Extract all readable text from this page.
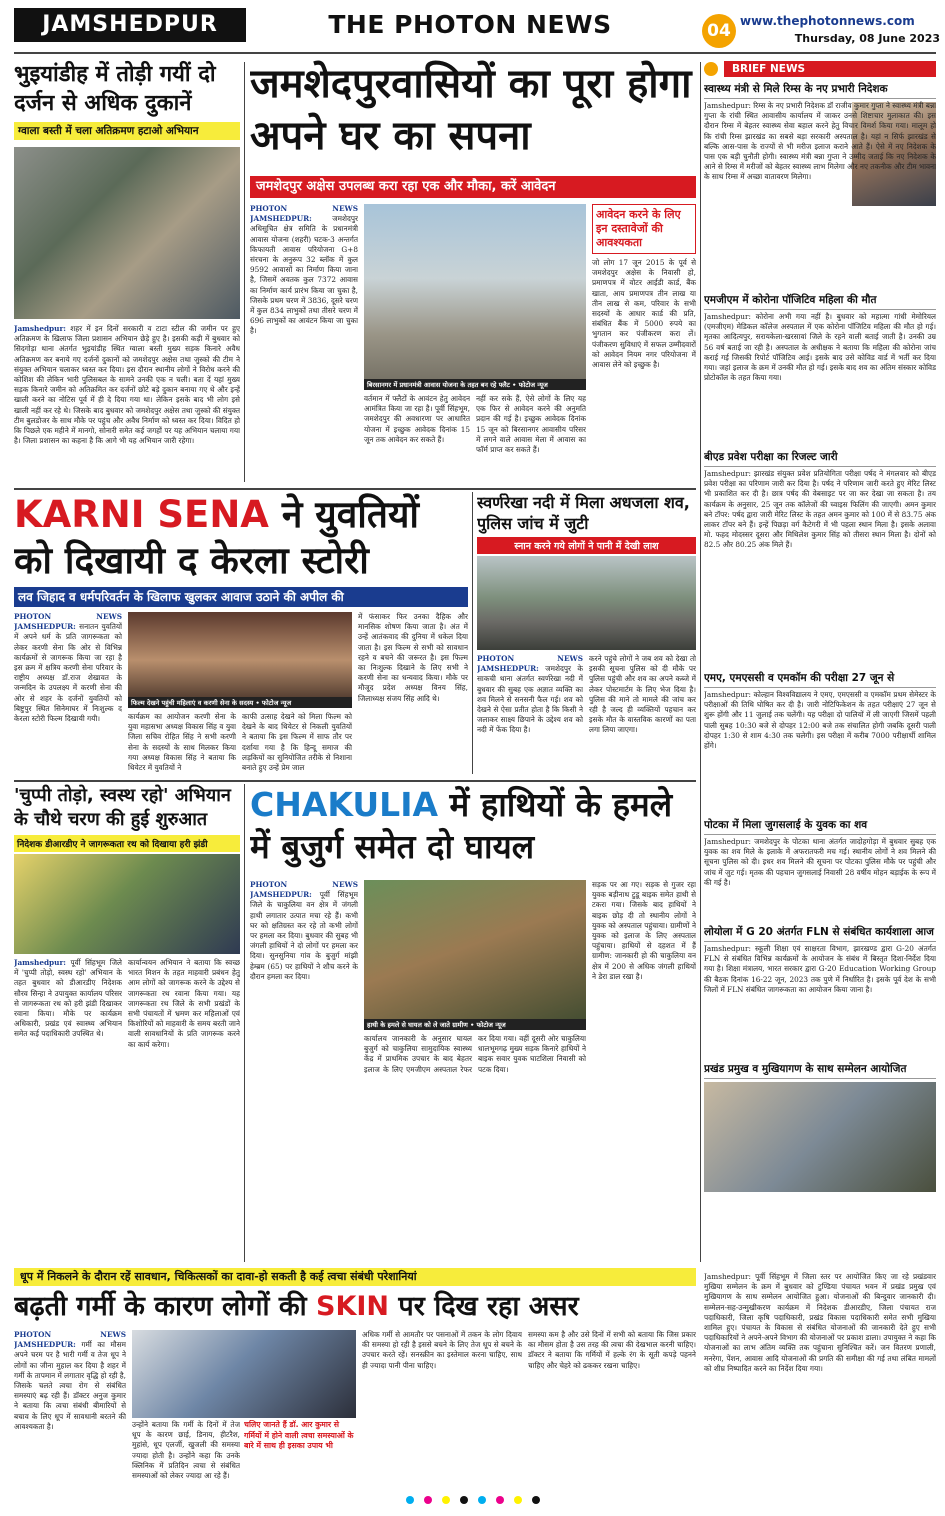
JAMSHEDPUR	THE PHOTON NEWS	04 www.thephotonnews.com
Thursday, 08 June 2023
भुइयांडीह में तोड़ी गयीं दो दर्जन से अधिक दुकानें
ग्वाला बस्ती में चला अतिक्रमण हटाओ अभियान
Jamshedpur: शहर में इन दिनों सरकारी व टाटा स्टील की जमीन पर हुए अतिक्रमण के खिलाफ जिला प्रशासन अभियान छेड़े हुए है। इसकी कड़ी में बुधवार को सिदगोड़ा थाना अंतर्गत भुइयांडीह स्थित ग्वाला बस्ती मुख्य सड़क किनारे अवैध अतिक्रमण कर बनाये गए दर्जनों दुकानों को जमशेदपुर अक्षेस तथा जुस्को की टीम ने संयुक्त अभियान चलाकर ध्वस्त कर दिया। इस दौरान स्थानीय लोगों ने विरोध करने की कोशिश की लेकिन भारी पुलिसबल के सामने उनकी एक न चली। बता दें यहां मुख्य सड़क किनारे जमीन को अतिक्रमित कर दर्जनों छोटे बड़े दुकान बनाया गए थे और इन्हें खाली करने का नोटिस पूर्व में ही दे दिया गया था। लेकिन इसके बाद भी लोग इसे खाली नहीं कर रहे थे। जिसके बाद बुधवार को जमशेदपुर अक्षेस तथा जुस्को की संयुक्त टीम बुलडोजर के साथ मौके पर पहुंच और अवैध निर्माण को ध्वस्त कर दिया। विदित हो कि पिछले एक महीने में मानगो, सोनारी समेत कई जगहों पर यह अभियान चलाया गया है। जिला प्रशासन का कहना है कि आगे भी यह अभियान जारी रहेगा।
जमशेदपुरवासियों का पूरा होगा अपने घर का सपना
जमशेदपुर अक्षेस उपलब्ध करा रहा एक और मौका, करें आवेदन
PHOTON NEWS JAMSHEDPUR:	जमशेदपुर अधिसूचित क्षेत्र समिति के प्रधानमंत्री आवास योजना (शहरी) घटक-3 अन्तर्गत किफायती आवास परियोजना G+8 संरचना के अनुरूप 32 ब्लॉक में कुल 9592 आवासों का निर्माण किया जाना है, जिसमें अवतक कुल 7372 आवास का निर्माण कार्य प्रारंभ किया जा चुका है, जिसके प्रथम चरण में 3836, दूसरे चरण में कुल 834 लाभुकों तथा तीसरे चरण में 696 लाभुकों का आवंटन किया जा चुका है।
बिरसानगर में प्रधानमंत्री आवास योजना के तहत बन रहे फ्लैट • फोटोज न्यूज
वर्तमान में फ्लैटों के आवंटन हेतु आवेदन आमंत्रित किया जा रहा है। पूर्वी सिंहभूम, जमशेदपुर की अवधारणा पर आधारित योजना में इच्छुक आवेदक दिनांक 15 जून तक आवेदन कर सकते हैं।
नहीं कर सके हैं, ऐसे लोगों के लिए यह एक फिर से आवेदन करने की अनुमति प्रदान की गई है। इच्छुक आवेदक दिनांक 15 जून को बिरसानगर आवासीय परिसर में लगने वाले आवास मेला में आवास का फॉर्म प्राप्त कर सकते हैं।
आवेदन करने के लिए इन दस्तावेजों की आवश्यकता
जो लोग 17 जून 2015 के पूर्व से जमशेदपुर अक्षेस के निवासी हो, प्रमाणपत्र में वोटर आईडी कार्ड, बैंक खाता, आय प्रमाणपत्र तीन लाख या तीन लाख से कम, परिवार के सभी सदस्यों के आधार कार्ड की प्रति, संबंधित बैंक में 5000 रुपये का भुगतान कर पंजीकरण करा लें। पंजीकरण सुविधाएं में सफल उम्मीदवारों को आवेदन नियम नगर परियोजना में आवास लेने को इच्छुक है।
BRIEF NEWS
स्वास्थ्य मंत्री से मिले रिम्स के नए प्रभारी निदेशक
Jamshedpur: रिम्स के नए प्रभारी निदेशक डॉ राजीव कुमार गुप्ता ने स्वास्थ्य मंत्री बन्ना गुप्ता के रांची स्थित आवासीय कार्यालय में जाकर उनसे शिष्टाचार मुलाकात की। इस दौरान रिम्स में बेहतर स्वास्थ्य सेवा बहाल करने हेतु विचार विमर्श किया गया। मालूम हो कि रांची रिम्स झारखंड का सबसे बड़ा सरकारी अस्पताल है। यहां न सिर्फ झारखंड से बल्कि आस-पास के राज्यों से भी मरीज इलाज कराने आते हैं। ऐसे में नए निदेशक के पास एक बड़ी चुनौती होगी। स्वास्थ्य मंत्री बन्ना गुप्ता ने उम्मीद जताई कि नए निदेशक के आने से रिम्स में मरीजों को बेहतर स्वास्थ्य लाभ मिलेगा और नए तकनीक और टीम भावना के साथ रिम्स में अच्छा वातावरण मिलेगा।
एमजीएम में कोरोना पॉजिटिव महिला की मौत
Jamshedpur: कोरोना अभी गया नहीं है। बुधवार को महात्मा गांधी मेमोरियल (एमजीएम) मेडिकल कॉलेज अस्पताल में एक कोरोना पॉजिटिव महिला की मौत हो गई। मृतका आदित्यपुर, सरायकेला-खरसावां जिले के रहने वाली बताई जाती है। उनकी उम्र 56 वर्ष बताई जा रही है। अस्पताल के अधीक्षक ने बताया कि महिला की कोरोना जांच कराई गई जिसकी रिपोर्ट पॉजिटिव आई। इसके बाद उसे कोविड वार्ड में भर्ती कर दिया गया। जहां इलाज के क्रम में उनकी मौत हो गई। इसके बाद शव का अंतिम संस्कार कोविड प्रोटोकॉल के तहत किया गया।
बीएड प्रवेश परीक्षा का रिजल्ट जारी
Jamshedpur: झारखंड संयुक्त प्रवेश प्रतियोगिता परीक्षा पर्षद ने मंगलवार को बीएड प्रवेश परीक्षा का परिणाम जारी कर दिया है। पर्षद ने परिणाम जारी करते हुए मेरिट लिस्ट भी प्रकाशित कर दी है। छात्र पर्षद की वेबसाइट पर जा कर देखा जा सकता है। तय कार्यक्रम के अनुसार, 25 जून तक कॉलेजों की च्वाइस फिलिंग की जाएगी। अमन कुमार बने टॉपर: पर्षद द्वारा जारी मेरिट लिस्ट के तहत अमन कुमार को 100 में से 83.75 अंक लाकर टॉपर बने हैं। इन्हें पिछड़ा वर्ग कैटेगरी में भी पहला स्थान मिला है। इसके अलावा मो. फहद मोदस्सर दूसरा और मिथिलेश कुमार सिंह को तीसरा स्थान मिला है। दोनों को 82.5 और 80.25 अंक मिले हैं।
एमए, एमएससी व एमकॉम की परीक्षा 27 जून से
Jamshedpur: कोल्हान विश्वविद्यालय ने एमए, एमएससी व एमकॉम प्रथम सेमेस्टर के परीक्षाओं की तिथि घोषित कर दी है। जारी नोटिफिकेशन के तहत परीक्षाएं 27 जून से शुरू होंगी और 11 जुलाई तक चलेंगी। यह परीक्षा दो पालियों में ली जाएगी जिसमें पहली पाली सुबह 10:30 बजे से दोपहर 12:00 बजे तक संचालित होगी जबकि दूसरी पाली दोपहर 1:30 से शाम 4:30 तक चलेगी। इस परीक्षा में करीब 7000 परीक्षार्थी शामिल होंगे।
पोटका में मिला जुगसलाई के युवक का शव
Jamshedpur: जमशेदपुर के पोटका थाना अंतर्गत जादोहगोड़ा में बुधवार सुबह एक युवक का शव मिले के इलाके में अफरातफरी मच गई। स्थानीय लोगों ने शव मिलने की सूचना पुलिस को दी। इधर शव मिलने की सूचना पर पोटका पुलिस मौके पर पहुंची और जांच में जुट गई। मृतक की पहचान जुगसलाई निवासी 28 वर्षीय मोहन बड़ाईक के रूप में की गई है।
लोयोला में G 20 अंतर्गत FLN से संबंधित कार्यशाला आज
Jamshedpur: स्कूली शिक्षा एवं साक्षरता विभाग, झारखण्ड द्वारा G-20 अंतर्गत FLN से संबंधित विभिन्न कार्यक्रमों के आयोजन के संबंध में बिस्तृत दिशा-निर्देश दिया गया है। शिक्षा मंत्रालय, भारत सरकार द्वारा G-20 Education Working Group की बैठक दिनांक 16-22 जून, 2023 तक पुणे में निर्धारित है। इसके पूर्व देश के सभी जिलों में FLN संबंधित जागरूकता का आयोजन किया जाना है।
प्रखंड प्रमुख व मुखियागण के साथ सम्मेलन आयोजित
KARNI SENA ने युवतियों को दिखायी द केरला स्टोरी
लव जिहाद व धर्मपरिवर्तन के खिलाफ खुलकर आवाज उठाने की अपील की
PHOTON NEWS JAMSHEDPUR: सनातन युवतियों में अपने धर्म के प्रति जागरूकता को लेकर करणी सेना कि ओर से विभिन्न कार्यक्रमों से जागरूक किया जा रहा है इस क्रम में क्षत्रिय करणी सेना परिवार के राष्ट्रीय अध्यक्ष डॉ.राज शेखावत के जन्मदिन के उपलक्ष्य में करणी सेना की ओर से शहर के दर्जनों युवतियों को बिष्टुपुर स्थित सिनेमाघर में निःशुल्क द केरला स्टोरी फिल्म दिखायी गयी।
फिल्म देखने पहुंची महिलाएं व करणी सेना के सदस्य • फोटोज न्यूज
कार्यक्रम का आयोजन करणी सेना के युवा महासभा अध्यक्ष विकास सिंह व युवा जिला सचिव रोहित सिंह ने सभी करणी सेना के सदस्यों के साथ मिलकर किया गया अध्यक्ष विकास सिंह ने बताया कि थियेटर में युवतियों ने
काफी उत्साह देखने को मिला फिल्म को देखने के बाद थियेटर से निकली युवतियों ने बताया कि इस फिल्म में साफ तौर पर दर्शाया गया है कि हिन्दू समाज की लड़कियों का सुनियोजित तरीके से निशाना बनाते हुए उन्हें प्रेम जाल
में फंसाकर फिर उनका दैहिक और मानसिक शोषण किया जाता है। अंत में उन्हें आतंकवाद की दुनिया में धकेल दिया जाता है। इस फिल्म से सभी को सावधान रहने व बचने की जरूरत है। इस फिल्म का निःशुल्क दिखाने के लिए सभी ने करणी सेना का धन्यवाद किया। मौके पर मौजूद प्रदेश अध्यक्ष विनय सिंह, जिलाध्यक्ष संजय सिंह आदि थे।
स्वर्णरेखा नदी में मिला अधजला शव, पुलिस जांच में जुटी
स्नान करने गये लोगों ने पानी में देखी लाश
PHOTON NEWS JAMSHEDPUR: जमशेदपुर के साकची थाना अंतर्गत स्वर्णरेखा नदी में बुधवार की सुबह एक अज्ञात व्यक्ति का शव मिलने से सनसनी फैल गई। शव को देखने से ऐसा प्रतीत होता है कि किसी ने जलाकर साक्ष्य छिपाने के उद्देश्य शव को नदी में फेंक दिया है।
करने पहुंचे लोगों ने जब शव को देखा तो इसकी सूचना पुलिस को दी मौके पर पुलिस पहुंची और शव का अपने कब्जे में लेकर पोस्टमार्टम के लिए भेज दिया है। पुलिस की माने तो मामले की जांच कर रही है जल्द ही व्यक्तियों पहचान कर इसके मौत के वास्तविक कारणों का पता लगा लिया जाएगा।
'चुप्पी तोड़ो, स्वस्थ रहो' अभियान के चौथे चरण की हुई शुरुआत
निदेशक डीआरडीए ने जागरूकता रथ को दिखाया हरी झंडी
Jamshedpur: पूर्वी सिंहभूम जिले में 'चुप्पी तोड़ो, स्वस्थ रहो' अभियान के तहत बुधवार को डीआरडीए निदेशक सौरव सिन्हा ने उपायुक्त कार्यालय परिसर से जागरूकता रथ को हरी झंडी दिखाकर रवाना किया। मौके पर कार्यक्रम अधिकारी, प्रखंड एवं स्वास्थ्य अभियान समेत कई पदाधिकारी उपस्थित थे।
कार्यान्वयन अभियान ने बताया कि स्वच्छ भारत मिशन के तहत माहवारी प्रबंधन हेतु आम लोगों को जागरूक करने के उद्देश्य से जागरूकता रथ रवाना किया गया। यह जागरूकता रथ जिले के सभी प्रखंडों के सभी पंचायतों में भ्रमण कर महिलाओं एवं किशोरियों को माहवारी के समय बरती जाने वाली सावधानियों के प्रति जागरूक करने का कार्य करेगा।
CHAKULIA में हाथियों के हमले में बुजुर्ग समेत दो घायल
PHOTON NEWS JAMSHEDPUR: पूर्वी सिंहभूम जिले के चाकुलिया वन क्षेत्र में जंगली हाथी लगातार उत्पात मचा रहे हैं। कभी घर को क्षतिग्रस्त कर रहे तो कभी लोगों पर हमला कर दिया। बुधवार की सुबह भी जंगली हाथियों ने दो लोगों पर हमला कर दिया। सुनसुनिया गांव के बुजुर्ग मांझी हेम्ब्रम (65) पर हाथियों ने शौच करने के दौरान हमला कर दिया।
हाथी के हमले से घायल को ले जाते ग्रामीण • फोटोज न्यूज
कार्यालय जानकारी के अनुसार घायल बुजुर्ग को चाकुलिया सामुदायिक स्वास्थ्य केंद्र में प्राथमिक उपचार के बाद बेहतर इलाज के लिए एमजीएम अस्पताल रेफर कर दिया गया। वहीं दूसरी ओर चाकुलिया धालभूमगढ़ मुख्य सड़क किनारे हाथियों ने बाइक सवार युवक घाटशिला निवासी को पटक दिया।
सड़क पर आ गए। सड़क से गुजर रहा युवक बड़ीनाथ टुडू बाइक समेत हाथी से टकरा गया। जिसके बाद हाथियों ने बाइक छोड़ दी तो स्थानीय लोगों ने युवक को अस्पताल पहुंचाया। ग्रामीणों ने युवक को इलाज के लिए अस्पताल पहुंचाया। हाथियों से दहशत में हैं ग्रामीण: जानकारी हो की चाकुलिया वन क्षेत्र में 200 से अधिक जंगली हाथियों ने डेरा डाल रखा है।
धूप में निकलने के दौरान रहें सावधान, चिकित्सकों का दावा-हो सकती है कई त्वचा संबंधी परेशानियां
बढ़ती गर्मी के कारण लोगों की SKIN पर दिख रहा असर
PHOTON NEWS JAMSHEDPUR: गर्मी का मौसम अपने चरम पर है भारी गर्मी व तेज धूप ने लोगों का जीना मुहाल कर दिया है शहर में गर्मी के तापमान में लगातार वृद्धि हो रही है, जिसके चलते त्वचा रोग से संबंधित समस्याएं बढ़ रही हैं। डॉक्टर अनुज कुमार ने बताया कि त्वचा संबंधी बीमारियों से बचाव के लिए धूप में सावधानी बरतने की आवश्यकता है।	चलिए जानते हैं डॉ. आर कुमार से गर्मियों में होने वाली त्वचा समस्याओं के बारे में साथ ही इसका उपाय भी
उन्होंने बताया कि गर्मी के दिनों में तेज धूप के कारण छाई, डिनाय, हीटरैश, मुहांसे, धूप एलर्जी, खुजली की समस्या ज्यादा होती है। उन्होंने कहा कि उनके क्लिनिक में प्रतिदिन त्वचा से संबंधित समस्याओं को लेकर ज्यादा आ रहे हैं।
अधिक गर्मी से आमतौर पर पसनाओं में तकन के लोग दिवाय की समस्या हो रही है इससे बचने के लिए तेज धूप से बचने के उपचार करते रहें। सनस्क्रीन का इस्तेमाल करना चाहिए, साथ ही ज्यादा पानी पीना चाहिए।
समस्या कम है और उसे दिनों में सभी को बताया कि जिस प्रकार का मौसम होता है उस तरह की त्वचा की देखभाल करनी चाहिए। डॉक्टर ने बताया कि गर्मियों में हल्के रंग के सूती कपड़े पहनने चाहिए और चेहरे को ढककर रखना चाहिए।
Jamshedpur: पूर्वी सिंहभूम में जिला स्तर पर आयोजित किए जा रहे प्रखंडवार मुखिया सम्मेलन के क्रम में बुधवार को टुण्डिया पंचायत भवन में प्रखंड प्रमुख एवं मुखियागण के साथ सम्मेलन आयोजित हुआ। योजनाओं की बिन्दुवार जानकारी दी। सम्मेलन-सह-उन्मुखीकरण कार्यक्रम में निदेशक डीआरडीए, जिला पंचायत राज पदाधिकारी, जिला कृषि पदाधिकारी, प्रखंड विकास पदाधिकारी समेत सभी मुखिया शामिल हुए। पंचायत के विकास से संबंधित योजनाओं की जानकारी देते हुए सभी पदाधिकारियों ने अपने-अपने विभाग की योजनाओं पर प्रकाश डाला। उपायुक्त ने कहा कि योजनाओं का लाभ अंतिम व्यक्ति तक पहुंचाना सुनिश्चित करें। जन वितरण प्रणाली, मनरेगा, पेंशन, आवास आदि योजनाओं की प्रगति की समीक्षा की गई तथा लंबित मामलों को शीघ्र निष्पादित करने का निर्देश दिया गया।
